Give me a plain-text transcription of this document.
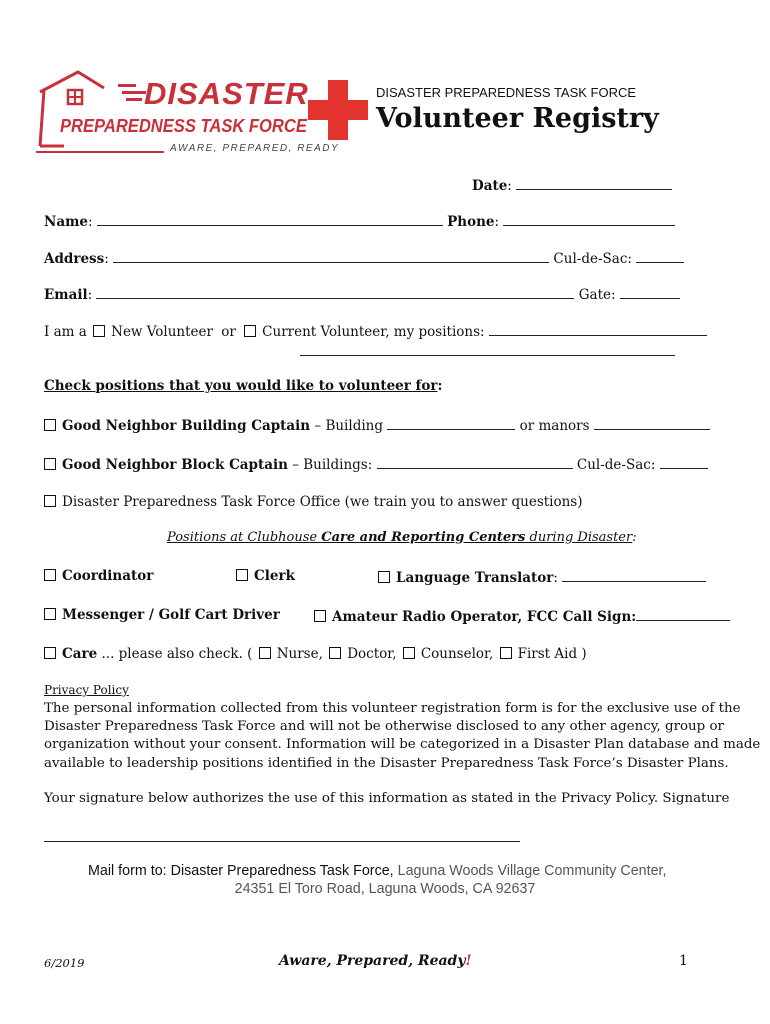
DISASTER
PREPAREDNESS TASK FORCE
AWARE, PREPARED, READY
DISASTER PREPAREDNESS TASK FORCE
Volunteer Registry
Date:
Name:	Phone:
Address:	Cul-de-Sac:
Email:	Gate:
I am a New Volunteer or Current Volunteer, my positions:
Check positions that you would like to volunteer for:
Good Neighbor Building Captain – Building	or manors
Good Neighbor Block Captain – Buildings:	Cul-de-Sac:
Disaster Preparedness Task Force Office (we train you to answer questions)
Positions at Clubhouse Care and Reporting Centers during Disaster:
Coordinator	Clerk	Language Translator:
Messenger / Golf Cart Driver	Amateur Radio Operator, FCC Call Sign:
Care ... please also check. ( Nurse, Doctor, Counselor, First Aid )
Privacy Policy

The personal information collected from this volunteer registration form is for the exclusive use of the

Disaster Preparedness Task Force and will not be otherwise disclosed to any other agency, group or

organization without your consent. Information will be categorized in a Disaster Plan database and made

available to leadership positions identified in the Disaster Preparedness Task Force’s Disaster Plans.

Your signature below authorizes the use of this information as stated in the Privacy Policy. Signature
Mail form to: Disaster Preparedness Task Force, Laguna Woods Village Community Center,
24351 El Toro Road, Laguna Woods, CA 92637
6/2019	Aware, Prepared, Ready!	1
